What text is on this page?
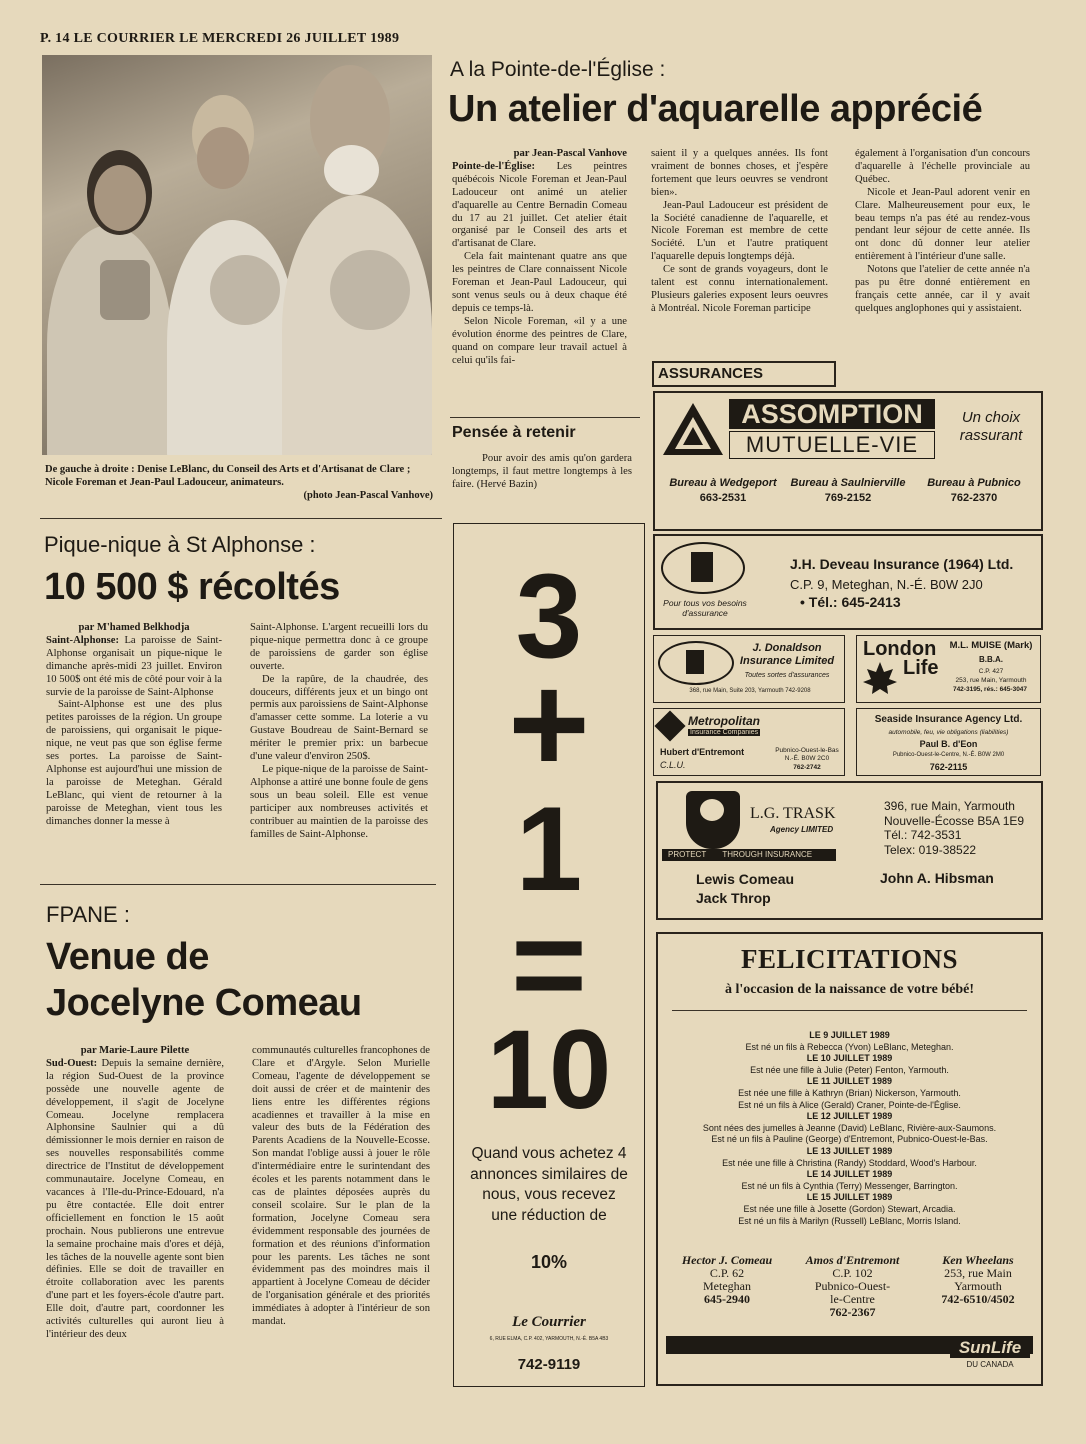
P. 14 LE COURRIER LE MERCREDI 26 JUILLET 1989
De gauche à droite : Denise LeBlanc, du Conseil des Arts et d'Artisanat de Clare ; Nicole Foreman et Jean-Paul Ladouceur, animateurs.
(photo Jean-Pascal Vanhove)
A la Pointe-de-l'Église :
Un atelier d'aquarelle apprécié
par Jean-Pascal Vanhove

Pointe-de-l'Église: Les peintres québécois Nicole Foreman et Jean-Paul Ladouceur ont animé un atelier d'aquarelle au Centre Bernadin Comeau du 17 au 21 juillet. Cet atelier était organisé par le Conseil des arts et d'artisanat de Clare.

Cela fait maintenant quatre ans que les peintres de Clare connaissent Nicole Foreman et Jean-Paul Ladouceur, qui sont venus seuls ou à deux chaque été depuis ce temps-là.

Selon Nicole Foreman, «il y a une évolution énorme des peintres de Clare, quand on compare leur travail actuel à celui qu'ils fai-

saient il y a quelques années. Ils font vraiment de bonnes choses, et j'espère fortement que leurs oeuvres se vendront bien».

Jean-Paul Ladouceur est président de la Société canadienne de l'aquarelle, et Nicole Foreman est membre de cette Société. L'un et l'autre pratiquent l'aquarelle depuis longtemps déjà.

Ce sont de grands voyageurs, dont le talent est connu internationalement. Plusieurs galeries exposent leurs oeuvres à Montréal. Nicole Foreman participe

également à l'organisation d'un concours d'aquarelle à l'échelle provinciale au Québec.

Nicole et Jean-Paul adorent venir en Clare. Malheureusement pour eux, le beau temps n'a pas été au rendez-vous pendant leur séjour de cette année. Ils ont donc dû donner leur atelier entièrement à l'intérieur d'une salle.

Notons que l'atelier de cette année n'a pas pu être donné entièrement en français cette année, car il y avait quelques anglophones qui y assistaient.

Pensée à retenir

Pour avoir des amis qu'on gardera longtemps, il faut mettre longtemps à les faire. (Hervé Bazin)

Pique-nique à St Alphonse :
10 500 $ récoltés
par M'hamed Belkhodja

Saint-Alphonse: La paroisse de Saint-Alphonse organisait un pique-nique le dimanche après-midi 23 juillet. Environ 10 500$ ont été mis de côté pour voir à la survie de la paroisse de Saint-Alphonse

Saint-Alphonse est une des plus petites paroisses de la région. Un groupe de paroissiens, qui organisait le pique-nique, ne veut pas que son église ferme ses portes. La paroisse de Saint-Alphonse est aujourd'hui une mission de la paroisse de Meteghan. Gérald LeBlanc, qui vient de retourner à la paroisse de Meteghan, vient tous les dimanches donner la messe à

Saint-Alphonse. L'argent recueilli lors du pique-nique permettra donc à ce groupe de paroissiens de garder son église ouverte.

De la rapûre, de la chaudrée, des douceurs, différents jeux et un bingo ont permis aux paroissiens de Saint-Alphonse d'amasser cette somme. La loterie a vu Gustave Boudreau de Saint-Bernard se mériter le premier prix: un barbecue d'une valeur d'environ 250$.

Le pique-nique de la paroisse de Saint-Alphonse a attiré une bonne foule de gens sous un beau soleil. Elle est venue participer aux nombreuses activités et contribuer au maintien de la paroisse des familles de Saint-Alphonse.

FPANE :
Venue de
Jocelyne Comeau
par Marie-Laure Pilette

Sud-Ouest: Depuis la semaine dernière, la région Sud-Ouest de la province possède une nouvelle agente de développement, il s'agit de Jocelyne Comeau. Jocelyne remplacera Alphonsine Saulnier qui a dû démissionner le mois dernier en raison de ses nouvelles responsabilités comme directrice de l'Institut de développement communautaire. Jocelyne Comeau, en vacances à l'Ile-du-Prince-Edouard, n'a pu être contactée. Elle doit entrer officiellement en fonction le 15 août prochain. Nous publierons une entrevue la semaine prochaine mais d'ores et déjà, les tâches de la nouvelle agente sont bien définies. Elle se doit de travailler en étroite collaboration avec les parents d'une part et les foyers-école d'autre part. Elle doit, d'autre part, coordonner les activités culturelles qui auront lieu à l'intérieur des deux

communautés culturelles francophones de Clare et d'Argyle. Selon Murielle Comeau, l'agente de développement se doit aussi de créer et de maintenir des liens entre les différentes régions acadiennes et travailler à la mise en valeur des buts de la Fédération des Parents Acadiens de la Nouvelle-Ecosse. Son mandat l'oblige aussi à jouer le rôle d'intermédiaire entre le surintendant des écoles et les parents notamment dans le cas de plaintes déposées auprès du conseil scolaire. Sur le plan de la formation, Jocelyne Comeau sera évidemment responsable des journées de formation et des réunions d'information pour les parents. Les tâches ne sont évidemment pas des moindres mais il appartient à Jocelyne Comeau de décider de l'organisation générale et des priorités immédiates à adopter à l'intérieur de son mandat.

3
+
1
=
10
Quand vous achetez 4 annonces similaires de nous, vous recevez une réduction de
10%
Le Courrier
6, RUE ELMA, C.P. 402, YARMOUTH, N.-É. B5A 4B3
742-9119
ASSURANCES
ASSOMPTION
MUTUELLE-VIE
Un choix rassurant
Bureau à Wedgeport
663-2531
Bureau à Saulnierville
769-2152
Bureau à Pubnico
762-2370
Pour tous vos besoins d'assurance
J.H. Deveau Insurance (1964) Ltd.
C.P. 9, Meteghan, N.-É. B0W 2J0
• Tél.: 645-2413
J. Donaldson Insurance Limited
Toutes sortes d'assurances
368, rue Main, Suite 203, Yarmouth 742-9208
London
Life
M.L. MUISE (Mark)
B.B.A.
C.P. 427
253, rue Main, Yarmouth
742-3195, rés.: 645-3047
Metropolitan
Insurance Companies
Hubert d'Entremont
C.L.U.
Pubnico-Ouest-le-Bas N.-É. B0W 2C0
762-2742
Seaside Insurance Agency Ltd.
automobile, feu, vie obligations (liabilities)
Paul B. d'Eon
Pubnico-Ouest-le-Centre, N.-É. B0W 2M0
762-2115
PROTECT THROUGH INSURANCE
L.G. TRASK
Agency LIMITED
396, rue Main, Yarmouth
Nouvelle-Écosse B5A 1E9
Tél.: 742-3531
Telex: 019-38522
Lewis Comeau
Jack Throp
John A. Hibsman
FELICITATIONS
à l'occasion de la naissance de votre bébé!
LE 9 JUILLET 1989
Est né un fils à Rebecca (Yvon) LeBlanc, Meteghan.
LE 10 JUILLET 1989
Est née une fille à Julie (Peter) Fenton, Yarmouth.
LE 11 JUILLET 1989
Est née une fille à Kathryn (Brian) Nickerson, Yarmouth.
Est né un fils à Alice (Gerald) Craner, Pointe-de-l'Église.
LE 12 JUILLET 1989
Sont nées des jumelles à Jeanne (David) LeBlanc, Rivière-aux-Saumons.
Est né un fils à Pauline (George) d'Entremont, Pubnico-Ouest-le-Bas.
LE 13 JUILLET 1989
Est née une fille à Christina (Randy) Stoddard, Wood's Harbour.
LE 14 JUILLET 1989
Est né un fils à Cynthia (Terry) Messenger, Barrington.
LE 15 JUILLET 1989
Est née une fille à Josette (Gordon) Stewart, Arcadia.
Est né un fils à Marilyn (Russell) LeBlanc, Morris Island.
Hector J. Comeau
C.P. 62
Meteghan
645-2940
Amos d'Entremont
C.P. 102
Pubnico-Ouest-
le-Centre
762-2367
Ken Wheelans
253, rue Main
Yarmouth
742-6510/4502
SunLife
DU CANADA
